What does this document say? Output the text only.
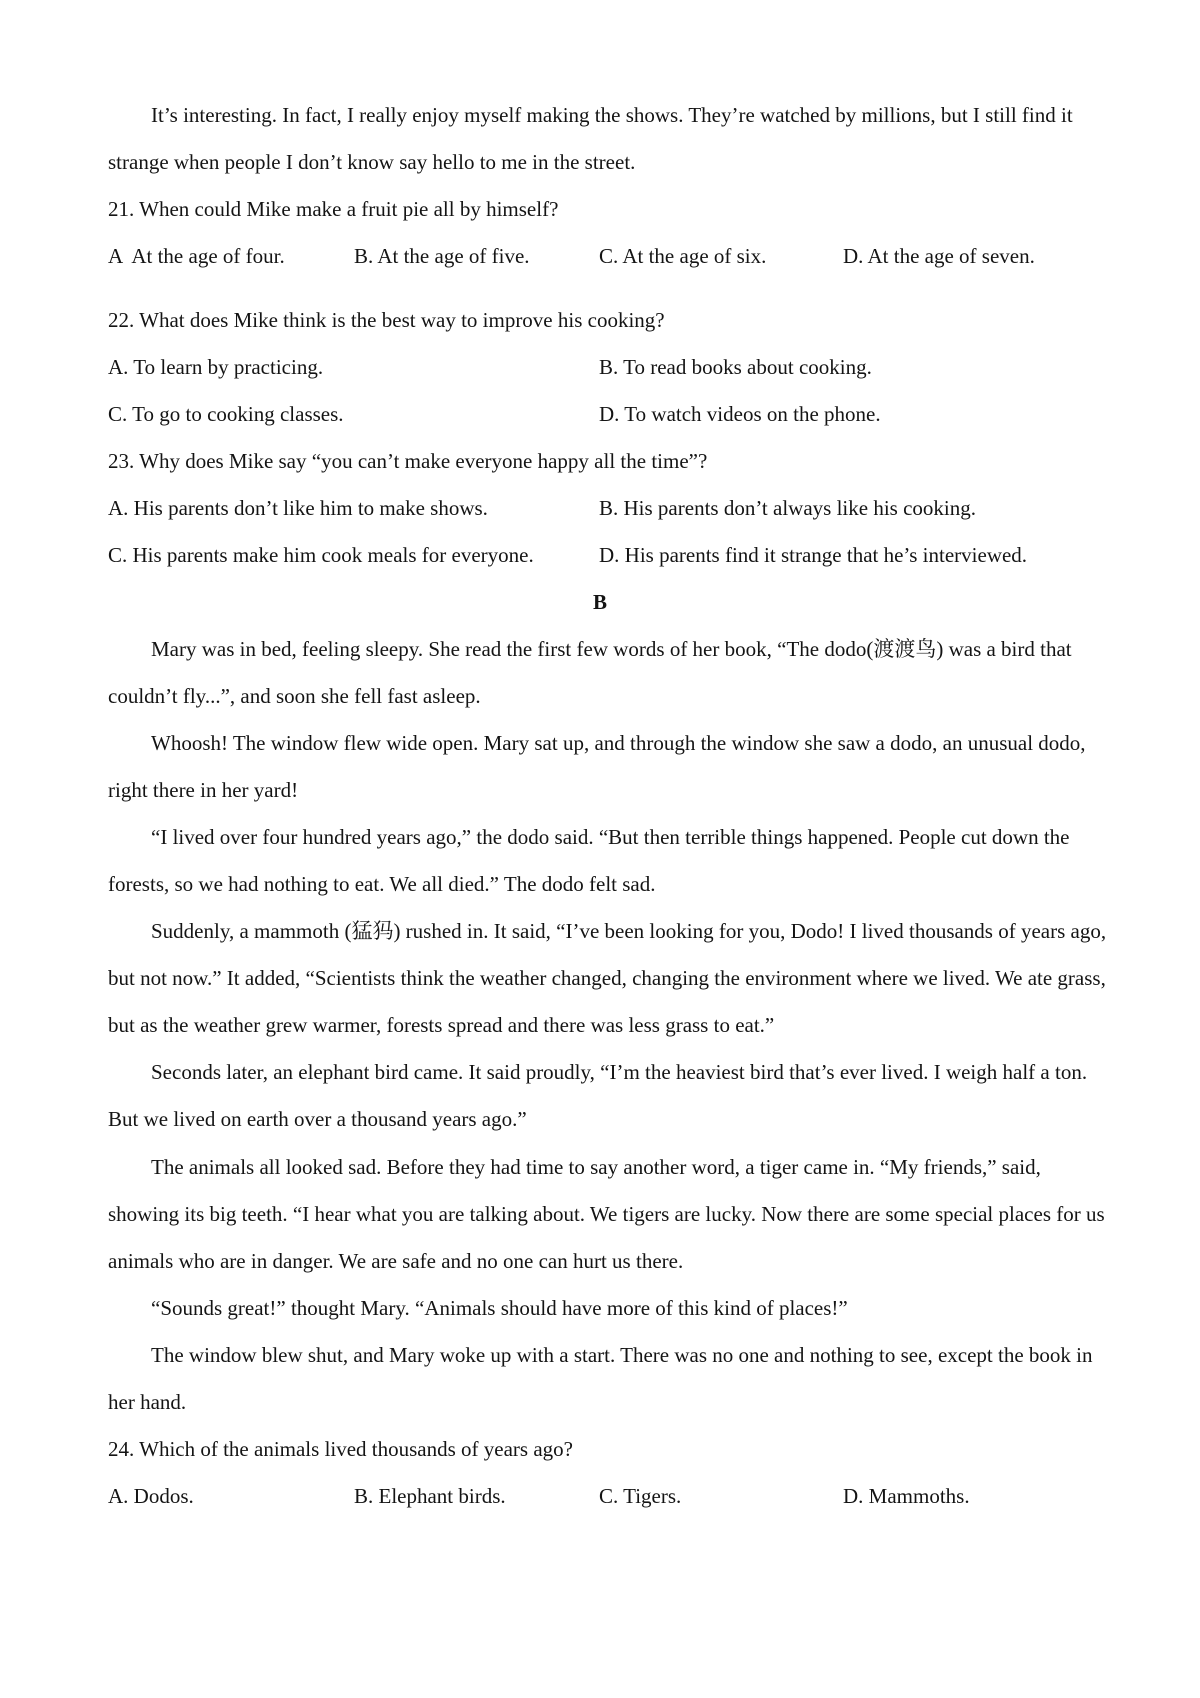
It’s interesting. In fact, I really enjoy myself making the shows. They’re watched by millions, but I still find it
strange when people I don’t know say hello to me in the street.
21. When could Mike make a fruit pie all by himself?
A  At the age of four.	B. At the age of five.	C. At the age of six.	D. At the age of seven.
22. What does Mike think is the best way to improve his cooking?
A. To learn by practicing.	B. To read books about cooking.
C. To go to cooking classes.	D. To watch videos on the phone.
23. Why does Mike say “you can’t make everyone happy all the time”?
A. His parents don’t like him to make shows.	B. His parents don’t always like his cooking.
C. His parents make him cook meals for everyone.	D. His parents find it strange that he’s interviewed.
B
Mary was in bed, feeling sleepy. She read the first few words of her book, “The dodo(渡渡鸟) was a bird that
couldn’t fly...”, and soon she fell fast asleep.
Whoosh! The window flew wide open. Mary sat up, and through the window she saw a dodo, an unusual dodo,
right there in her yard!
“I lived over four hundred years ago,” the dodo said. “But then terrible things happened. People cut down the
forests, so we had nothing to eat. We all died.” The dodo felt sad.
Suddenly, a mammoth (猛犸) rushed in. It said, “I’ve been looking for you, Dodo! I lived thousands of years ago,
but not now.” It added, “Scientists think the weather changed, changing the environment where we lived. We ate grass,
but as the weather grew warmer, forests spread and there was less grass to eat.”
Seconds later, an elephant bird came. It said proudly, “I’m the heaviest bird that’s ever lived. I weigh half a ton.
But we lived on earth over a thousand years ago.”
The animals all looked sad. Before they had time to say another word, a tiger came in. “My friends,” said,
showing its big teeth. “I hear what you are talking about. We tigers are lucky. Now there are some special places for us
animals who are in danger. We are safe and no one can hurt us there.
“Sounds great!” thought Mary. “Animals should have more of this kind of places!”
The window blew shut, and Mary woke up with a start. There was no one and nothing to see, except the book in
her hand.
24. Which of the animals lived thousands of years ago?
A. Dodos.	B. Elephant birds.	C. Tigers.	D. Mammoths.
